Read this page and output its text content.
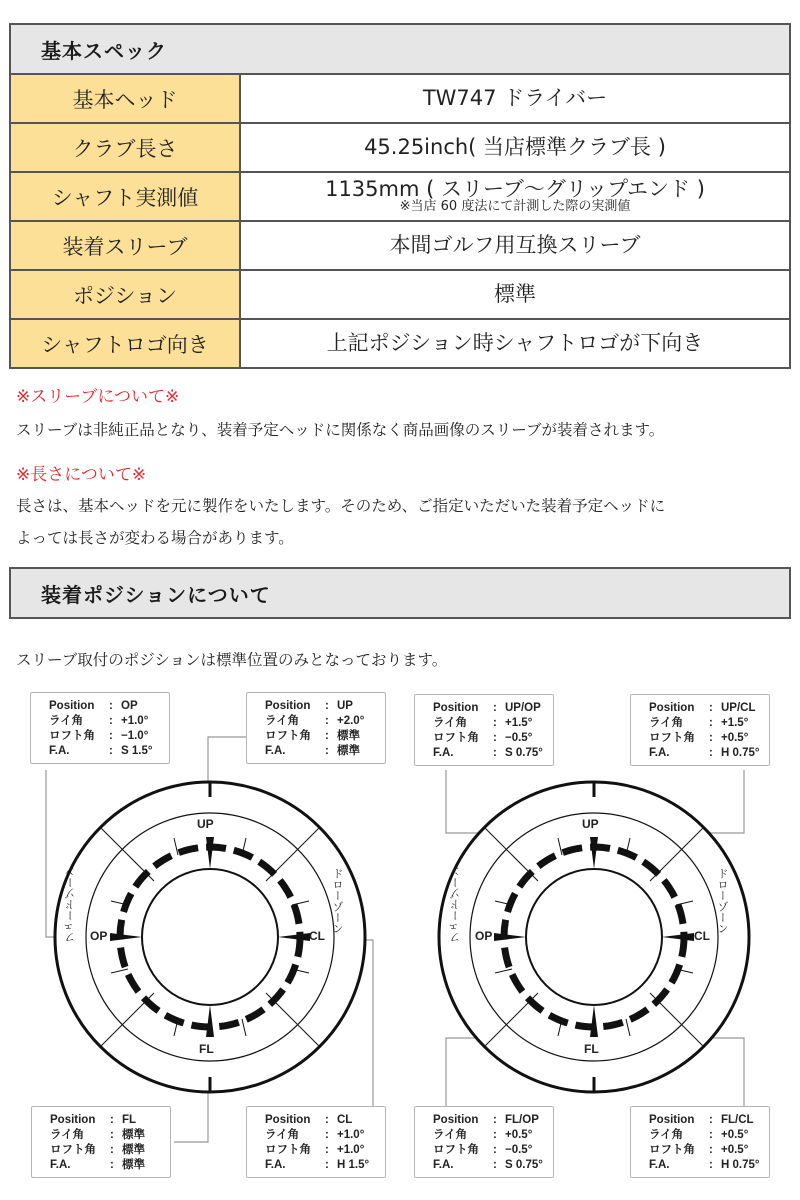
基本スペック
基本ヘッド	TW747 ドライバー

クラブ長さ	45.25inch( 当店標準クラブ長 )

シャフト実測値	1135mm ( スリーブ〜グリップエンド )
※当店 60 度法にて計測した際の実測値

装着スリーブ	本間ゴルフ用互換スリーブ

ポジション	標準

シャフトロゴ向き	上記ポジション時シャフトロゴが下向き
※スリーブについて※
スリーブは非純正品となり、装着予定ヘッドに関係なく商品画像のスリーブが装着されます。
※長さについて※
長さは、基本ヘッドを元に製作をいたします。そのため、ご指定いただいた装着予定ヘッドに
よっては長さが変わる場合があります。
装着ポジションについて
スリーブ取付のポジションは標準位置のみとなっております。
UP
FL
OP	CL
フェードゾーン	ドローゾーン
UP
FL
OP	CL
フェードゾーン	ドローゾーン
Position	: OP
ライ角	: +1.0°
ロフト角	: −1.0°
F.A.	: S 1.5°
Position	: UP
ライ角	: +2.0°
ロフト角	: 標準
F.A.	: 標準
Position	: FL
ライ角	: 標準
ロフト角	: 標準
F.A.	: 標準
Position	: CL
ライ角	: +1.0°
ロフト角	: +1.0°
F.A.	: H 1.5°
Position	: UP/OP
ライ角	: +1.5°
ロフト角	: −0.5°
F.A.	: S 0.75°
Position	: UP/CL
ライ角	: +1.5°
ロフト角	: +0.5°
F.A.	: H 0.75°
Position	: FL/OP
ライ角	: +0.5°
ロフト角	: −0.5°
F.A.	: S 0.75°
Position	: FL/CL
ライ角	: +0.5°
ロフト角	: +0.5°
F.A.	: H 0.75°
